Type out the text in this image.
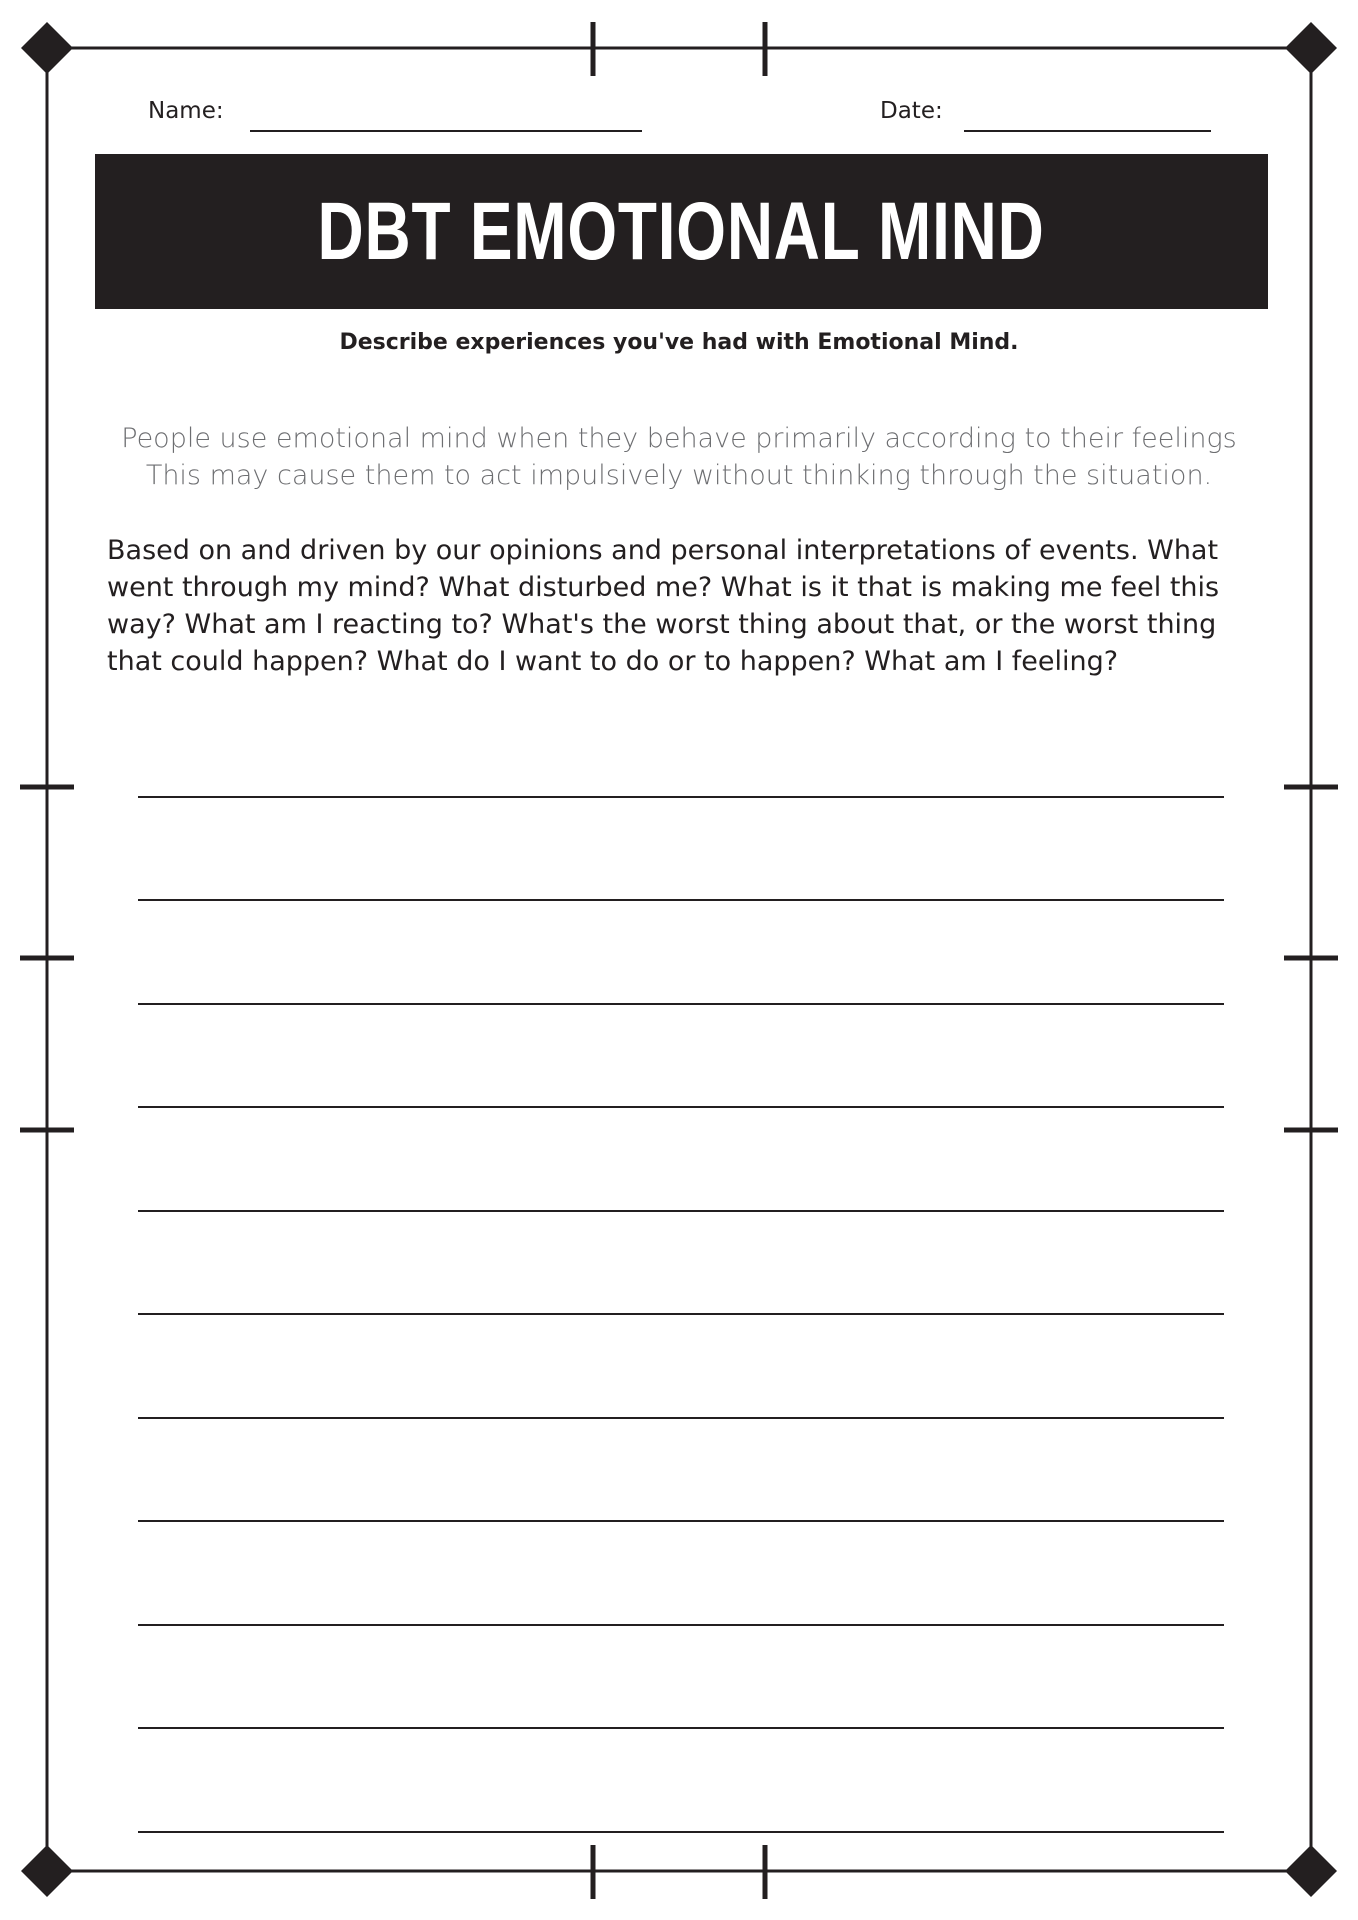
Name:	Date:
DBT EMOTIONAL MIND
Describe experiences you've had with Emotional Mind.
People use emotional mind when they behave primarily according to their feelings
This may cause them to act impulsively without thinking through the situation.
Based on and driven by our opinions and personal interpretations of events. What went through my mind? What disturbed me? What is it that is making me feel this way? What am I reacting to? What's the worst thing about that, or the worst thing that could happen? What do I want to do or to happen? What am I feeling?
